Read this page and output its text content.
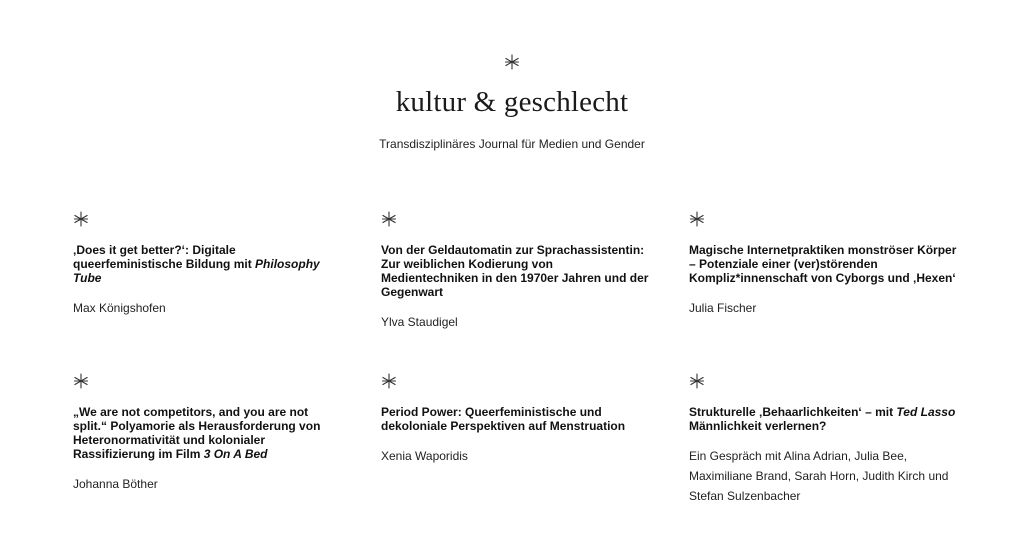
kultur & geschlecht
Transdisziplinäres Journal für Medien und Gender

‚Does it get better?‘: Digitale queerfeministische Bildung mit Philosophy Tube

Max Königshofen

Von der Geldautomatin zur Sprachassistentin: Zur weiblichen Kodierung von Medientechniken in den 1970er Jahren und der Gegenwart

Ylva Staudigel

Magische Internetpraktiken monströser Körper – Potenziale einer (ver)störenden Kompliz*innenschaft von Cyborgs und ‚Hexen‘

Julia Fischer

„We are not competitors, and you are not split.“ Polyamorie als Herausforderung von Heteronormativität und kolonialer Rassifizierung im Film 3 On A Bed

Johanna Böther

Period Power: Queerfeministische und dekoloniale Perspektiven auf Menstruation

Xenia Waporidis

Strukturelle ‚Behaarlichkeiten‘ – mit Ted Lasso Männlichkeit verlernen?

Ein Gespräch mit Alina Adrian, Julia Bee, Maximiliane Brand, Sarah Horn, Judith Kirch und Stefan Sulzenbacher
